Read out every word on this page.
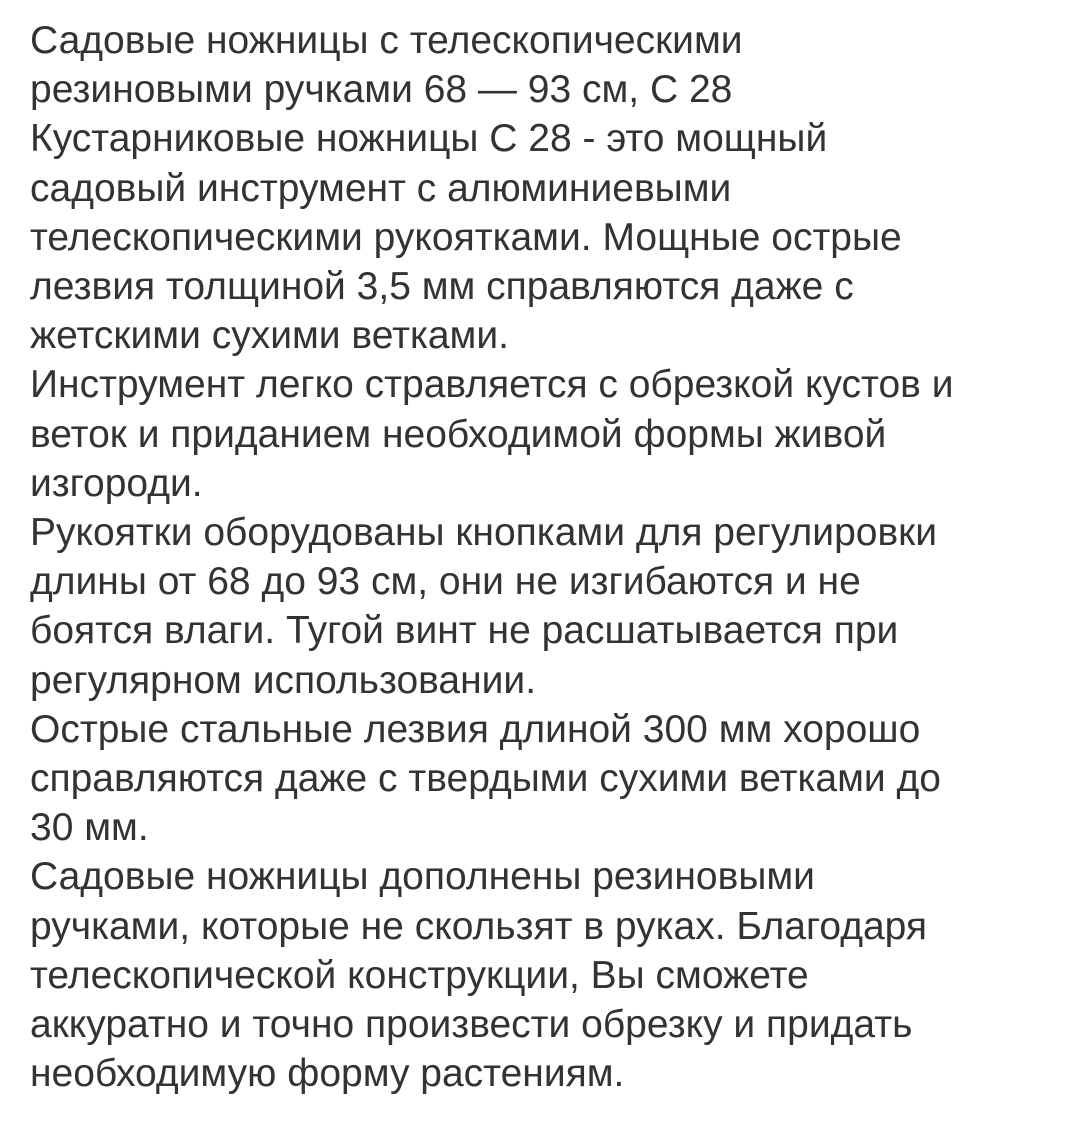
Садовые ножницы с телескопическими
резиновыми ручками 68 — 93 см, С 28
Кустарниковые ножницы С 28 - это мощный
садовый инструмент с алюминиевыми
телескопическими рукоятками. Мощные острые
лезвия толщиной 3,5 мм справляются даже с
жетскими сухими ветками.
Инструмент легко стравляется с обрезкой кустов и
веток и приданием необходимой формы живой
изгороди.
Рукоятки оборудованы кнопками для регулировки
длины от 68 до 93 см, они не изгибаются и не
боятся влаги. Тугой винт не расшатывается при
регулярном использовании.
Острые стальные лезвия длиной 300 мм хорошо
справляются даже с твердыми сухими ветками до
30 мм.
Садовые ножницы дополнены резиновыми
ручками, которые не скользят в руках. Благодаря
телескопической конструкции, Вы сможете
аккуратно и точно произвести обрезку и придать
необходимую форму растениям.
